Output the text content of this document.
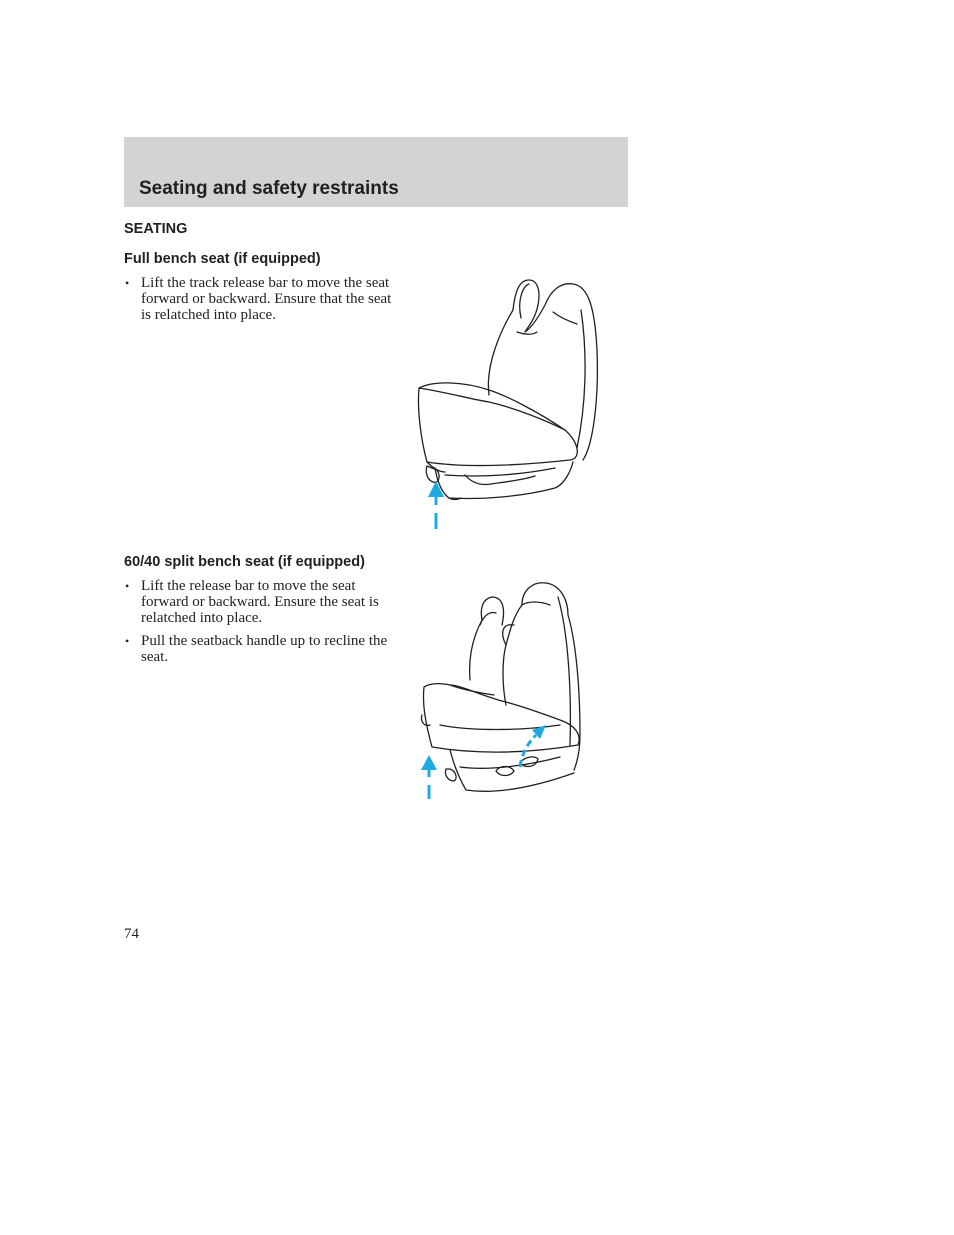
Seating and safety restraints
SEATING
Full bench seat (if equipped)
• Lift the track release bar to move the seat forward or backward. Ensure that the seat is relatched into place.
60/40 split bench seat (if equipped)
• Lift the release bar to move the seat forward or backward. Ensure the seat is relatched into place.
• Pull the seatback handle up to recline the seat.

74
